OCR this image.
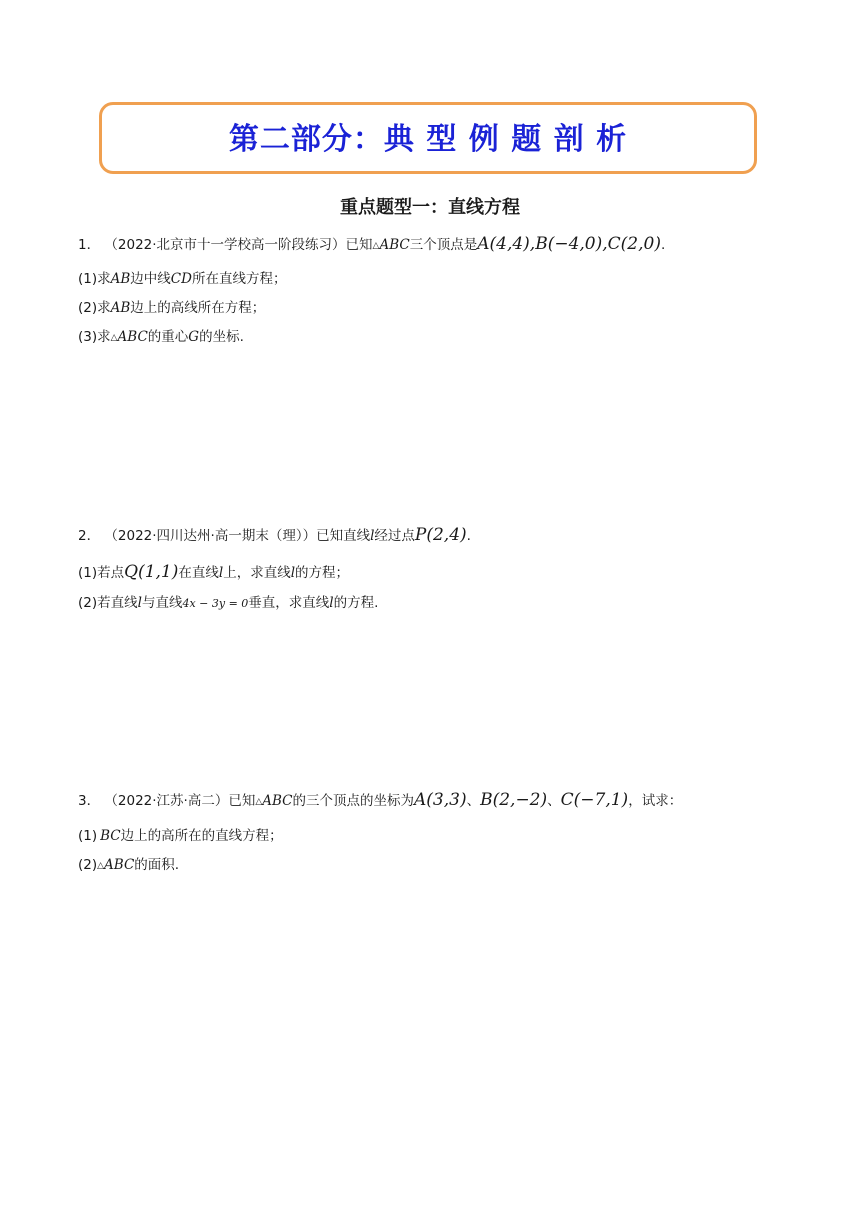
第二部分：典 型 例 题 剖 析
重点题型一：直线方程
1． （2022·北京市十一学校高一阶段练习）已知△ABC三个顶点是A(4,4),B(−4,0),C(2,0).
(1)求AB边中线CD所在直线方程；
(2)求AB边上的高线所在方程；
(3)求△ABC的重心G的坐标.
2． （2022·四川达州·高一期末（理））已知直线l经过点P(2,4).
(1)若点Q(1,1)在直线l上，求直线l的方程；
(2)若直线l与直线4x − 3y = 0垂直，求直线l的方程.
3． （2022·江苏·高二）已知△ABC的三个顶点的坐标为A(3,3)、B(2,−2)、C(−7,1)，试求：
(1) BC边上的高所在的直线方程；
(2)△ABC的面积.
